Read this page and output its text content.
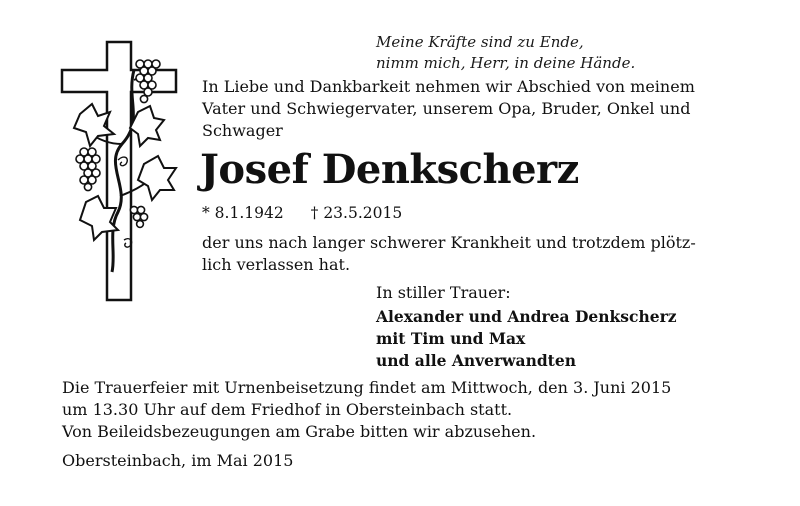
Meine Kräfte sind zu Ende,
nimm mich, Herr, in deine Hände.

In Liebe und Dankbarkeit nehmen wir Abschied von meinem Vater und Schwiegervater, unserem Opa, Bruder, Onkel und Schwager

Josef Denkscherz

* 8.1.1942 † 23.5.2015

der uns nach langer schwerer Krankheit und trotzdem plötz-
lich verlassen hat.

In stiller Trauer:

Alexander und Andrea Denkscherz
mit Tim und Max
und alle Anverwandten

Die Trauerfeier mit Urnenbeisetzung findet am Mittwoch, den 3. Juni 2015
um 13.30 Uhr auf dem Friedhof in Obersteinbach statt.
Von Beileidsbezeugungen am Grabe bitten wir abzusehen.

Obersteinbach, im Mai 2015
